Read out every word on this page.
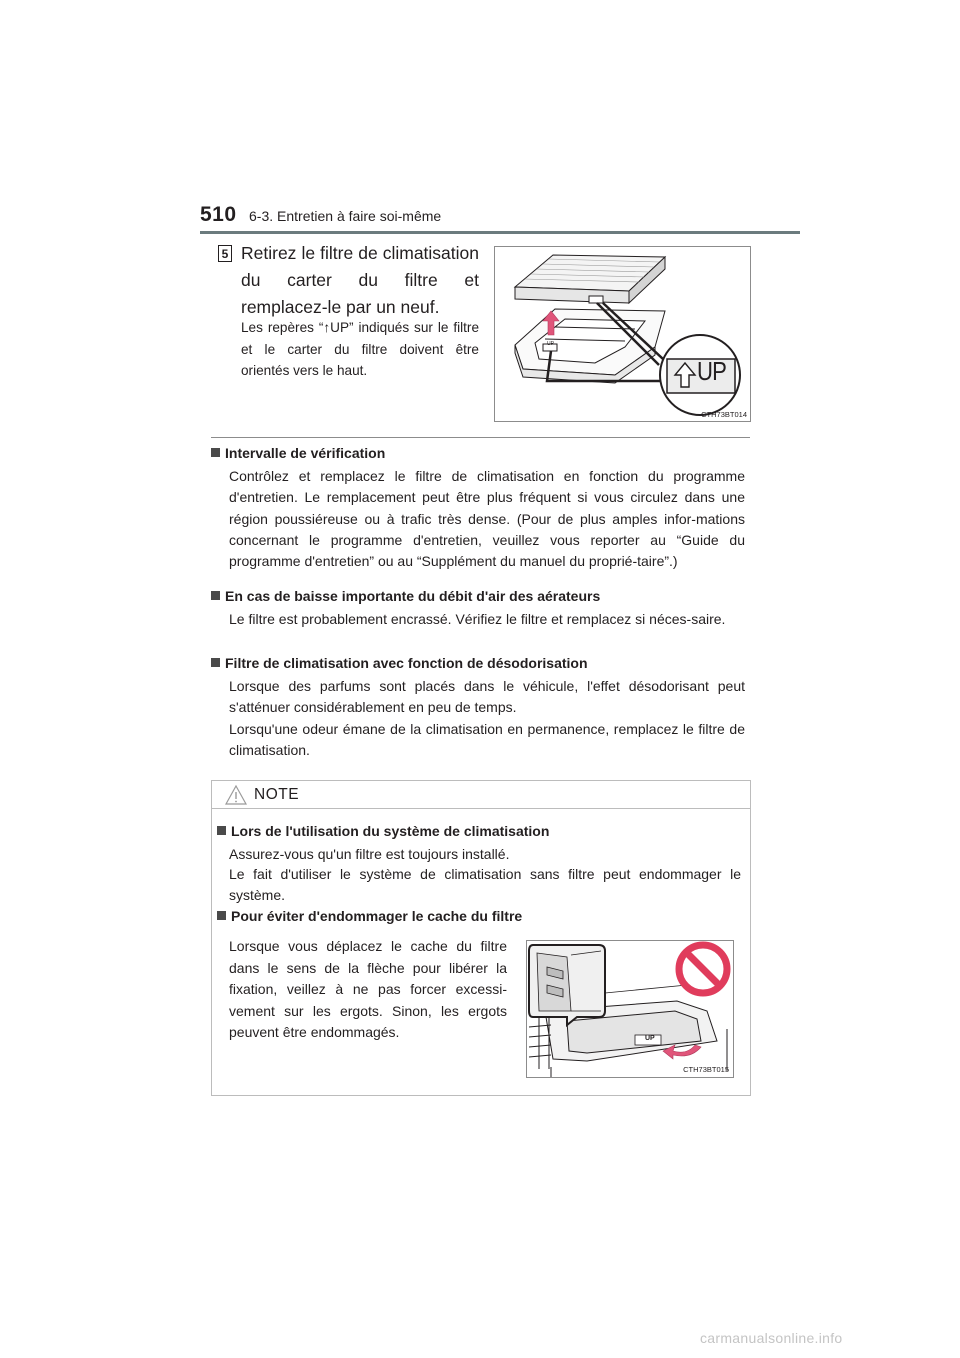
510 6-3. Entretien à faire soi-même
5 Retirez le filtre de climatisation du carter du filtre et remplacez-le par un neuf.
Les repères “↑UP” indiqués sur le filtre et le carter du filtre doivent être orientés vers le haut.	UP
UP
CTH73BT014
Intervalle de vérification
Contrôlez et remplacez le filtre de climatisation en fonction du programme d'entretien. Le remplacement peut être plus fréquent si vous circulez dans une région poussiéreuse ou à trafic très dense. (Pour de plus amples infor-mations concernant le programme d'entretien, veuillez vous reporter au “Guide du programme d'entretien” ou au “Supplément du manuel du proprié-taire”.)
En cas de baisse importante du débit d'air des aérateurs
Le filtre est probablement encrassé. Vérifiez le filtre et remplacez si néces-saire.
Filtre de climatisation avec fonction de désodorisation
Lorsque des parfums sont placés dans le véhicule, l'effet désodorisant peut s'atténuer considérablement en peu de temps.
Lorsqu'une odeur émane de la climatisation en permanence, remplacez le filtre de climatisation.
NOTE
Lors de l'utilisation du système de climatisation
Assurez-vous qu'un filtre est toujours installé.
Le fait d'utiliser le système de climatisation sans filtre peut endommager le système.
Pour éviter d'endommager le cache du filtre
Lorsque vous déplacez le cache du filtre dans le sens de la flèche pour libérer la fixation, veillez à ne pas forcer excessi-vement sur les ergots. Sinon, les ergots peuvent être endommagés.	UP
CTH73BT015
carmanualsonline.info
